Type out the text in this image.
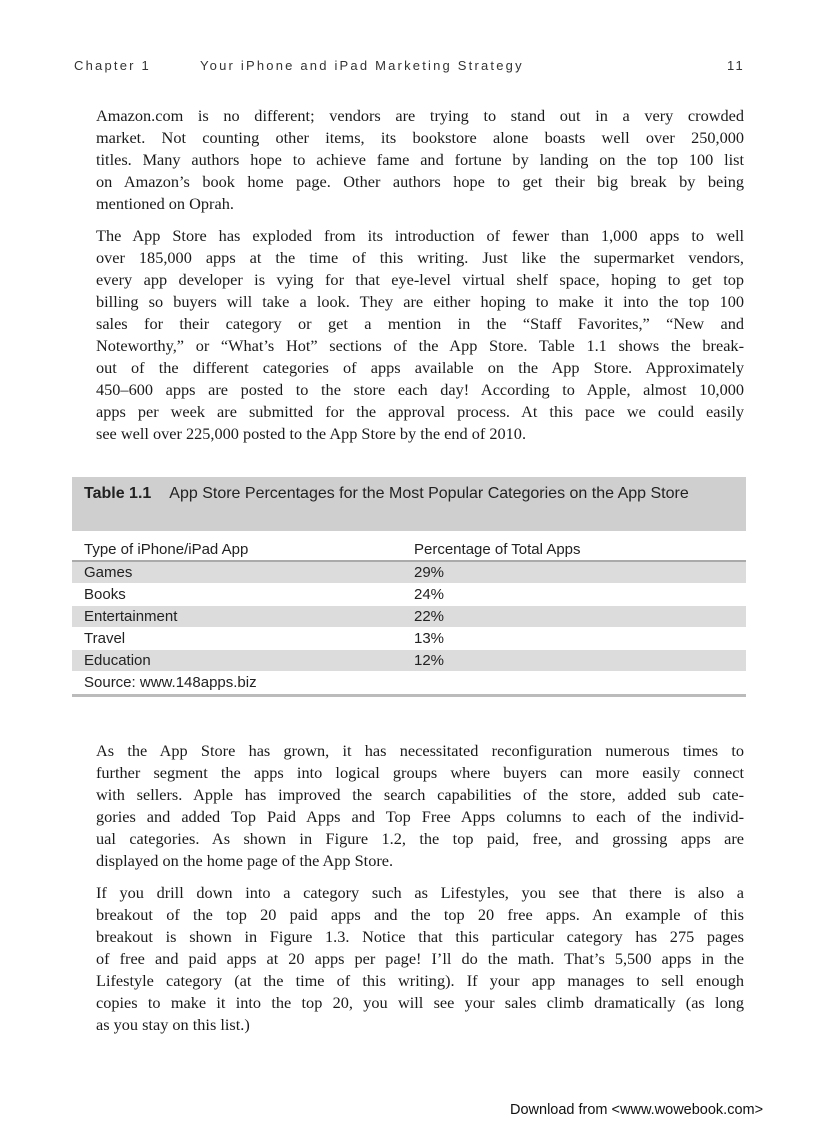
Chapter 1	Your iPhone and iPad Marketing Strategy	11
Amazon.com is no different; vendors are trying to stand out in a very crowded
market. Not counting other items, its bookstore alone boasts well over 250,000
titles. Many authors hope to achieve fame and fortune by landing on the top 100 list
on Amazon’s book home page. Other authors hope to get their big break by being
mentioned on Oprah.
The App Store has exploded from its introduction of fewer than 1,000 apps to well
over 185,000 apps at the time of this writing. Just like the supermarket vendors,
every app developer is vying for that eye-level virtual shelf space, hoping to get top
billing so buyers will take a look. They are either hoping to make it into the top 100
sales for their category or get a mention in the “Staff Favorites,” “New and
Noteworthy,” or “What’s Hot” sections of the App Store. Table 1.1 shows the break-
out of the different categories of apps available on the App Store. Approximately
450–600 apps are posted to the store each day! According to Apple, almost 10,000
apps per week are submitted for the approval process. At this pace we could easily
see well over 225,000 posted to the App Store by the end of 2010.
Table 1.1 App Store Percentages for the Most Popular Categories on the App Store
Type of iPhone/iPad App	Percentage of Total Apps
Games	29%
Books	24%
Entertainment	22%
Travel	13%
Education	12%
Source: www.148apps.biz
As the App Store has grown, it has necessitated reconfiguration numerous times to
further segment the apps into logical groups where buyers can more easily connect
with sellers. Apple has improved the search capabilities of the store, added sub cate-
gories and added Top Paid Apps and Top Free Apps columns to each of the individ-
ual categories. As shown in Figure 1.2, the top paid, free, and grossing apps are
displayed on the home page of the App Store.
If you drill down into a category such as Lifestyles, you see that there is also a
breakout of the top 20 paid apps and the top 20 free apps. An example of this
breakout is shown in Figure 1.3. Notice that this particular category has 275 pages
of free and paid apps at 20 apps per page! I’ll do the math. That’s 5,500 apps in the
Lifestyle category (at the time of this writing). If your app manages to sell enough
copies to make it into the top 20, you will see your sales climb dramatically (as long
as you stay on this list.)
Download from <www.wowebook.com>
